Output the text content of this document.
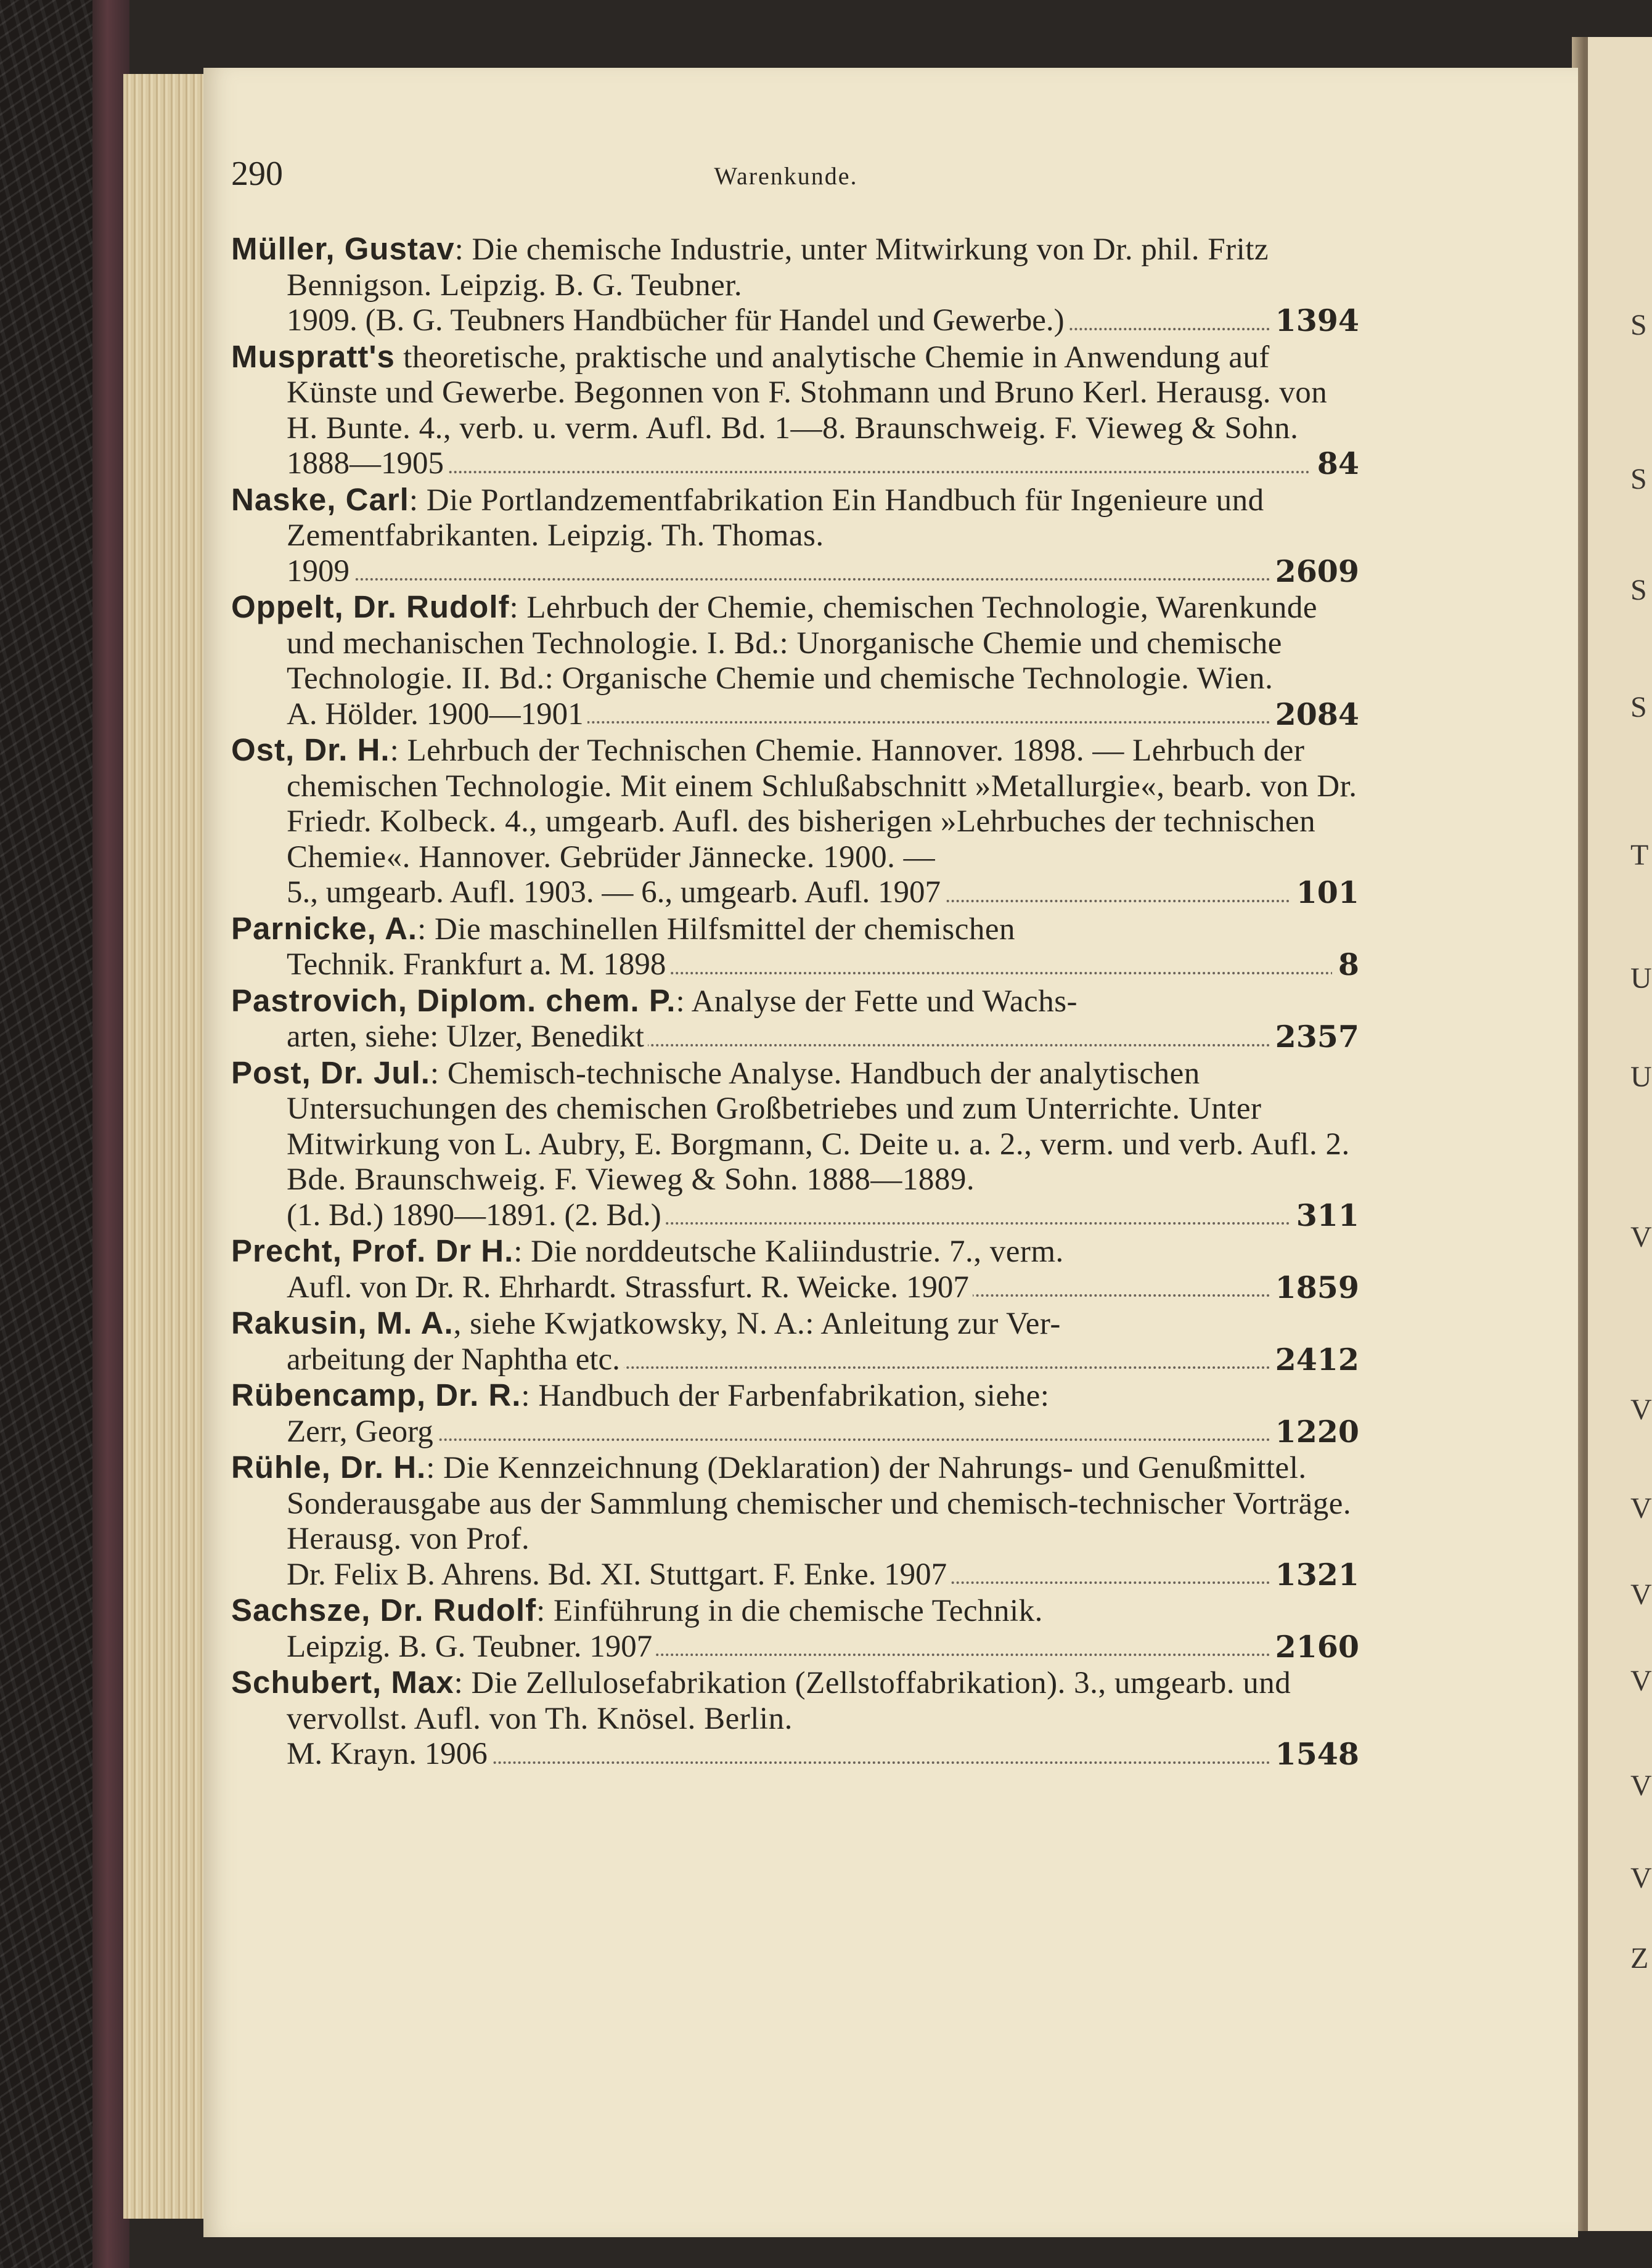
S
S
S
S
T
U
U
V
V
V
V
V
V
V
Z
290	Warenkunde.
Müller, Gustav: Die chemische Industrie, unter Mitwirkung von Dr. phil. Fritz Bennigson. Leipzig. B. G. Teubner.
1909. (B. G. Teubners Handbücher für Handel und Gewerbe.)	1394
Muspratt's theoretische, praktische und analytische Chemie in Anwendung auf Künste und Gewerbe. Begonnen von F. Stohmann und Bruno Kerl. Herausg. von H. Bunte. 4., verb. u. verm. Aufl. Bd. 1—8. Braunschweig. F. Vieweg & Sohn.
1888—1905	84
Naske, Carl: Die Portlandzementfabrikation Ein Handbuch für Ingenieure und Zementfabrikanten. Leipzig. Th. Thomas.
1909	2609
Oppelt, Dr. Rudolf: Lehrbuch der Chemie, chemischen Technologie, Warenkunde und mechanischen Technologie. I. Bd.: Unorganische Chemie und chemische Technologie. II. Bd.: Organische Chemie und chemische Technologie. Wien.
A. Hölder. 1900—1901	2084
Ost, Dr. H.: Lehrbuch der Technischen Chemie. Hannover. 1898. — Lehrbuch der chemischen Technologie. Mit einem Schlußabschnitt »Metallurgie«, bearb. von Dr. Friedr. Kolbeck. 4., umgearb. Aufl. des bisherigen »Lehrbuches der technischen Chemie«. Hannover. Gebrüder Jännecke. 1900. —
5., umgearb. Aufl. 1903. — 6., umgearb. Aufl. 1907	101
Parnicke, A.: Die maschinellen Hilfsmittel der chemischen
Technik. Frankfurt a. M. 1898	8
Pastrovich, Diplom. chem. P.: Analyse der Fette und Wachs-
arten, siehe: Ulzer, Benedikt	2357
Post, Dr. Jul.: Chemisch-technische Analyse. Handbuch der analytischen Untersuchungen des chemischen Großbetriebes und zum Unterrichte. Unter Mitwirkung von L. Aubry, E. Borgmann, C. Deite u. a. 2., verm. und verb. Aufl. 2. Bde. Braunschweig. F. Vieweg & Sohn. 1888—1889.
(1. Bd.) 1890—1891. (2. Bd.)	311
Precht, Prof. Dr H.: Die norddeutsche Kaliindustrie. 7., verm.
Aufl. von Dr. R. Ehrhardt. Strassfurt. R. Weicke. 1907	1859
Rakusin, M. A., siehe Kwjatkowsky, N. A.: Anleitung zur Ver-
arbeitung der Naphtha etc.	2412
Rübencamp, Dr. R.: Handbuch der Farbenfabrikation, siehe:
Zerr, Georg	1220
Rühle, Dr. H.: Die Kennzeichnung (Deklaration) der Nahrungs- und Genußmittel. Sonderausgabe aus der Sammlung chemischer und chemisch-technischer Vorträge. Herausg. von Prof.
Dr. Felix B. Ahrens. Bd. XI. Stuttgart. F. Enke. 1907	1321
Sachsze, Dr. Rudolf: Einführung in die chemische Technik.
Leipzig. B. G. Teubner. 1907	2160
Schubert, Max: Die Zellulosefabrikation (Zellstoffabrikation). 3., umgearb. und vervollst. Aufl. von Th. Knösel. Berlin.
M. Krayn. 1906	1548
